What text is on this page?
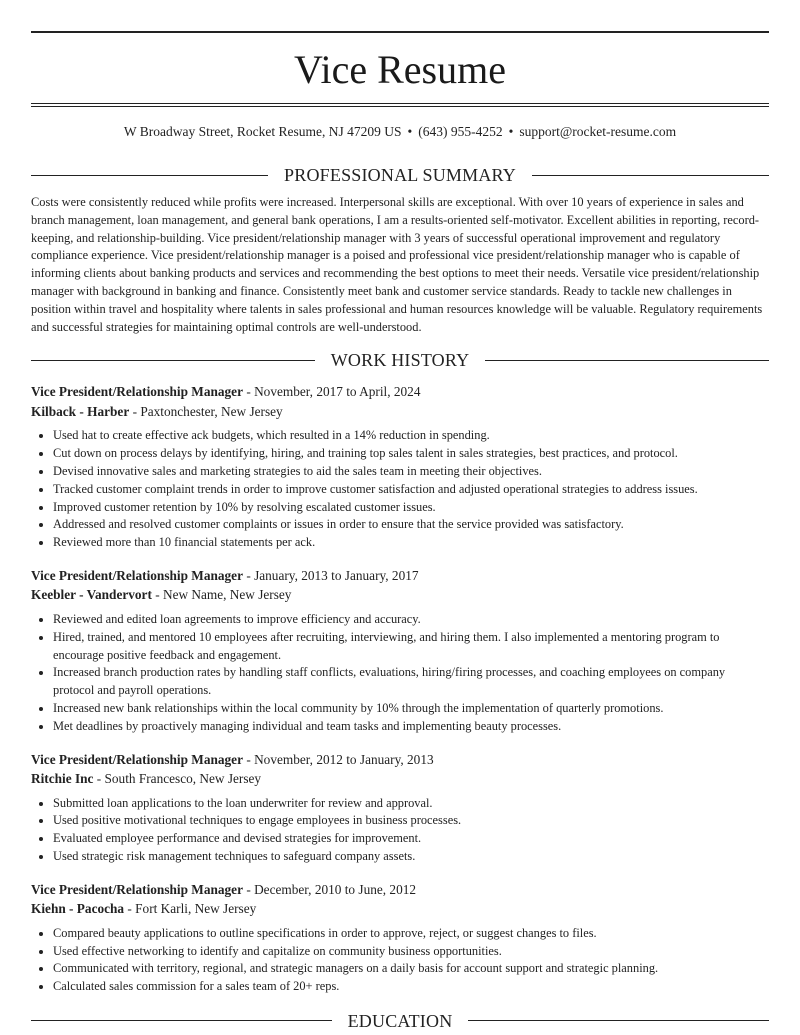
Vice Resume
W Broadway Street, Rocket Resume, NJ 47209 US • (643) 955-4252 • support@rocket-resume.com
PROFESSIONAL SUMMARY

Costs were consistently reduced while profits were increased. Interpersonal skills are exceptional. With over 10 years of experience in sales and branch management, loan management, and general bank operations, I am a results-oriented self-motivator. Excellent abilities in reporting, record-keeping, and relationship-building. Vice president/relationship manager with 3 years of successful operational improvement and regulatory compliance experience. Vice president/relationship manager is a poised and professional vice president/relationship manager who is capable of informing clients about banking products and services and recommending the best options to meet their needs. Versatile vice president/relationship manager with background in banking and finance. Consistently meet bank and customer service standards. Ready to tackle new challenges in position within travel and hospitality where talents in sales professional and human resources knowledge will be valuable. Regulatory requirements and successful strategies for maintaining optimal controls are well-understood.

WORK HISTORY
Vice President/Relationship Manager - November, 2017 to April, 2024
Kilback - Harber - Paxtonchester, New Jersey
• Used hat to create effective ack budgets, which resulted in a 14% reduction in spending.
• Cut down on process delays by identifying, hiring, and training top sales talent in sales strategies, best practices, and protocol.
• Devised innovative sales and marketing strategies to aid the sales team in meeting their objectives.
• Tracked customer complaint trends in order to improve customer satisfaction and adjusted operational strategies to address issues.
• Improved customer retention by 10% by resolving escalated customer issues.
• Addressed and resolved customer complaints or issues in order to ensure that the service provided was satisfactory.
• Reviewed more than 10 financial statements per ack.
Vice President/Relationship Manager - January, 2013 to January, 2017
Keebler - Vandervort - New Name, New Jersey
• Reviewed and edited loan agreements to improve efficiency and accuracy.
• Hired, trained, and mentored 10 employees after recruiting, interviewing, and hiring them. I also implemented a mentoring program to encourage positive feedback and engagement.
• Increased branch production rates by handling staff conflicts, evaluations, hiring/firing processes, and coaching employees on company protocol and payroll operations.
• Increased new bank relationships within the local community by 10% through the implementation of quarterly promotions.
• Met deadlines by proactively managing individual and team tasks and implementing beauty processes.
Vice President/Relationship Manager - November, 2012 to January, 2013
Ritchie Inc - South Francesco, New Jersey
• Submitted loan applications to the loan underwriter for review and approval.
• Used positive motivational techniques to engage employees in business processes.
• Evaluated employee performance and devised strategies for improvement.
• Used strategic risk management techniques to safeguard company assets.
Vice President/Relationship Manager - December, 2010 to June, 2012
Kiehn - Pacocha - Fort Karli, New Jersey
• Compared beauty applications to outline specifications in order to approve, reject, or suggest changes to files.
• Used effective networking to identify and capitalize on community business opportunities.
• Communicated with territory, regional, and strategic managers on a daily basis for account support and strategic planning.
• Calculated sales commission for a sales team of 20+ reps.
EDUCATION
